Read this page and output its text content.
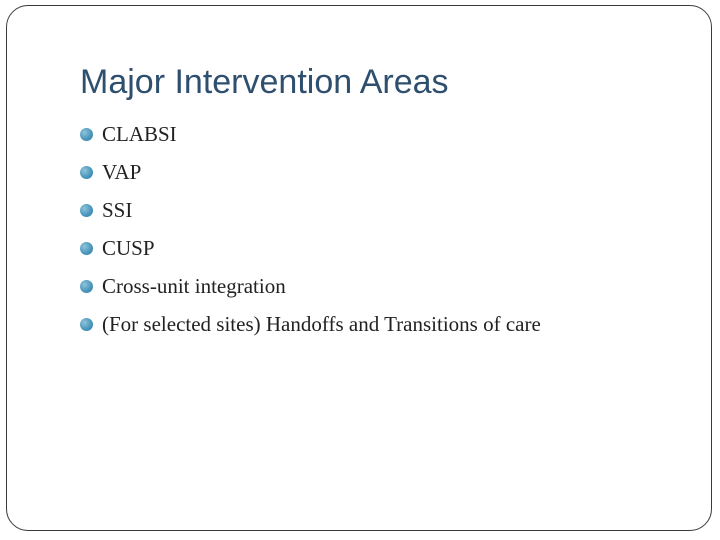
Major Intervention Areas
CLABSI
VAP
SSI
CUSP
Cross-unit integration
(For selected sites) Handoffs and Transitions of care
